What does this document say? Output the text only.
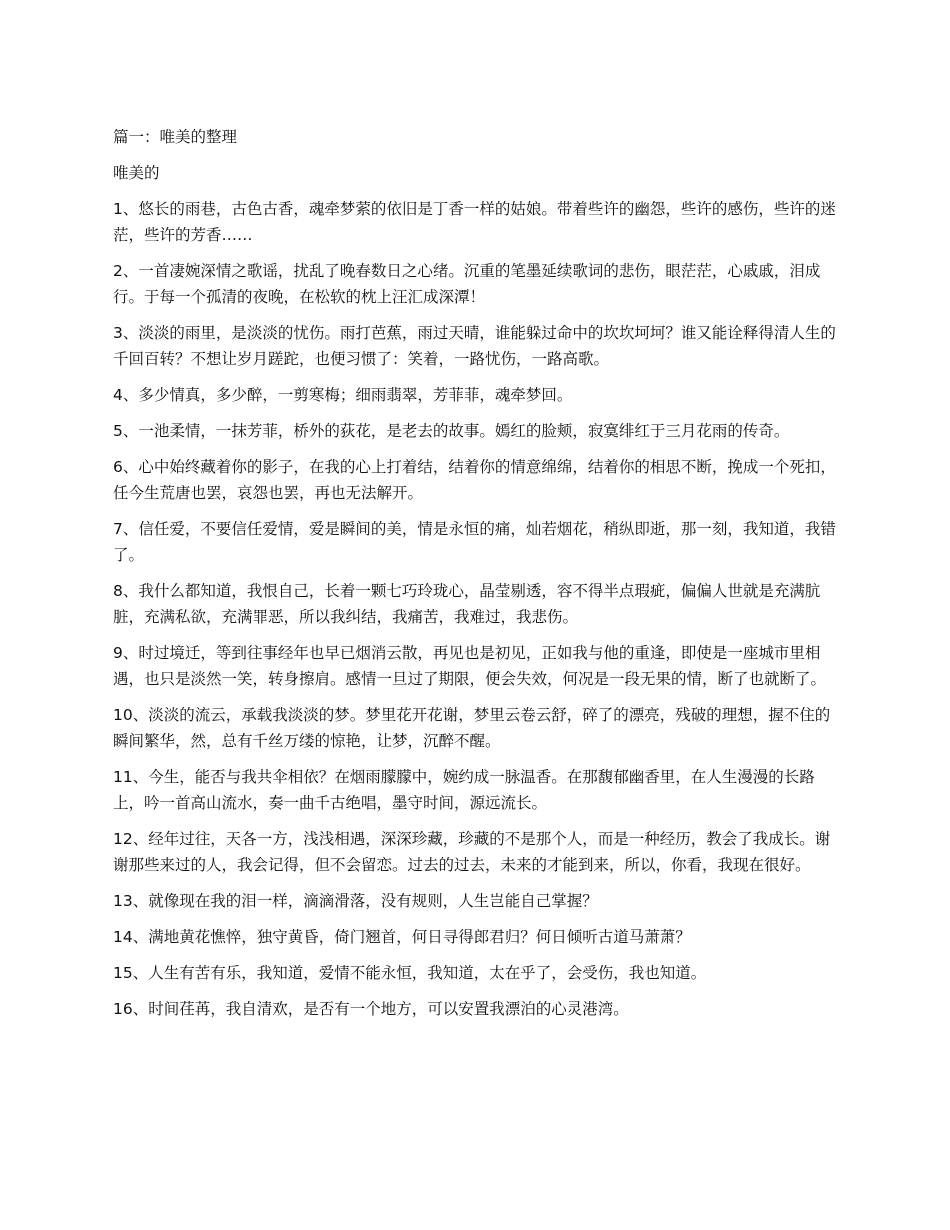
篇一：唯美的整理
唯美的

1、悠长的雨巷，古色古香，魂牵梦萦的依旧是丁香一样的姑娘。带着些许的幽怨，些许的感伤，些许的迷茫，些许的芳香……

2、一首凄婉深情之歌谣，扰乱了晚春数日之心绪。沉重的笔墨延续歌词的悲伤，眼茫茫，心戚戚，泪成行。于每一个孤清的夜晚，在松软的枕上汪汇成深潭！

3、淡淡的雨里，是淡淡的忧伤。雨打芭蕉，雨过天晴，谁能躲过命中的坎坎坷坷？谁又能诠释得清人生的千回百转？不想让岁月蹉跎，也便习惯了：笑着，一路忧伤，一路高歌。

4、多少情真，多少醉，一剪寒梅；细雨翡翠，芳菲菲，魂牵梦回。

5、一池柔情，一抹芳菲，桥外的荻花，是老去的故事。嫣红的脸颊，寂寞绯红于三月花雨的传奇。

6、心中始终藏着你的影子，在我的心上打着结，结着你的情意绵绵，结着你的相思不断，挽成一个死扣，任今生荒唐也罢，哀怨也罢，再也无法解开。

7、信任爱，不要信任爱情，爱是瞬间的美，情是永恒的痛，灿若烟花，稍纵即逝，那一刻，我知道，我错了。

8、我什么都知道，我恨自己，长着一颗七巧玲珑心，晶莹剔透，容不得半点瑕疵，偏偏人世就是充满肮脏，充满私欲，充满罪恶，所以我纠结，我痛苦，我难过，我悲伤。

9、时过境迁，等到往事经年也早已烟消云散，再见也是初见，正如我与他的重逢，即使是一座城市里相遇，也只是淡然一笑，转身擦肩。感情一旦过了期限，便会失效，何况是一段无果的情，断了也就断了。

10、淡淡的流云，承载我淡淡的梦。梦里花开花谢，梦里云卷云舒，碎了的漂亮，残破的理想，握不住的瞬间繁华，然，总有千丝万缕的惊艳，让梦，沉醉不醒。

11、今生，能否与我共伞相依？在烟雨朦朦中，婉约成一脉温香。在那馥郁幽香里，在人生漫漫的长路上，吟一首高山流水，奏一曲千古绝唱，墨守时间，源远流长。

12、经年过往，天各一方，浅浅相遇，深深珍藏，珍藏的不是那个人，而是一种经历，教会了我成长。谢谢那些来过的人，我会记得，但不会留恋。过去的过去，未来的才能到来，所以，你看，我现在很好。

13、就像现在我的泪一样，滴滴滑落，没有规则，人生岂能自己掌握？

14、满地黄花憔悴，独守黄昏，倚门翘首，何日寻得郎君归？何日倾听古道马萧萧？

15、人生有苦有乐，我知道，爱情不能永恒，我知道，太在乎了，会受伤，我也知道。

16、时间荏苒，我自清欢，是否有一个地方，可以安置我漂泊的心灵港湾。
